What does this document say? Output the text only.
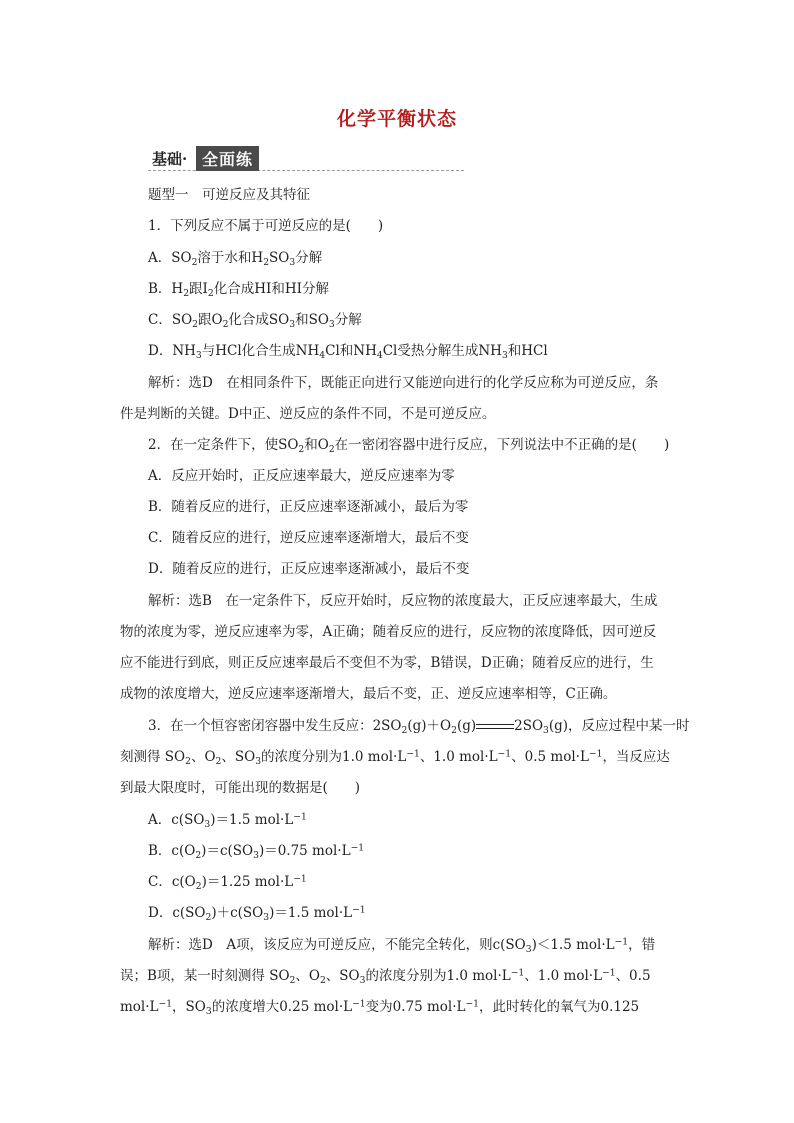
化学平衡状态
基础· 全面练
题型一　可逆反应及其特征
1．下列反应不属于可逆反应的是(　　)
A．$SO_2$溶于水和$H_2SO_3$分解
B．$H_2$跟$I_2$化合成HI和HI分解
C．$SO_2$跟$O_2$化合成$SO_3$和$SO_3$分解
D．$NH_3$与HCl化合生成$NH_4Cl$和$NH_4Cl$受热分解生成$NH_3$和HCl
解析：选D　在相同条件下，既能正向进行又能逆向进行的化学反应称为可逆反应，条
件是判断的关键。D中正、逆反应的条件不同，不是可逆反应。
2．在一定条件下，使$SO_2$和$O_2$在一密闭容器中进行反应，下列说法中不正确的是(　　)
A．反应开始时，正反应速率最大，逆反应速率为零
B．随着反应的进行，正反应速率逐渐减小，最后为零
C．随着反应的进行，逆反应速率逐渐增大，最后不变
D．随着反应的进行，正反应速率逐渐减小，最后不变
解析：选B　在一定条件下，反应开始时，反应物的浓度最大，正反应速率最大，生成
物的浓度为零，逆反应速率为零，A正确；随着反应的进行，反应物的浓度降低，因可逆反
应不能进行到底，则正反应速率最后不变但不为零，B错误，D正确；随着反应的进行，生
成物的浓度增大，逆反应速率逐渐增大，最后不变，正、逆反应速率相等，C正确。
3．在一个恒容密闭容器中发生反应：$2SO_2(g)+O_2(g)$	$2SO_3(g)$，反应过程中某一时
刻测得 $SO_2$、$O_2$、$SO_3$的浓度分别为1.0 $mol\cdot L^{-1}$、1.0 $mol\cdot L^{-1}$、0.5 $mol\cdot L^{-1}$，当反应达
到最大限度时，可能出现的数据是(　　)
A．$c(SO_3)=1.5$ $mol\cdot L^{-1}$
B．$c(O_2)=c(SO_3)=0.75$ $mol\cdot L^{-1}$
C．$c(O_2)=1.25$ $mol\cdot L^{-1}$
D．$c(SO_2)+c(SO_3)=1.5$ $mol\cdot L^{-1}$
解析：选D　A项，该反应为可逆反应，不能完全转化，则$c(SO_3)<1.5$ $mol\cdot L^{-1}$，错
误；B项，某一时刻测得 $SO_2$、$O_2$、$SO_3$的浓度分别为1.0 $mol\cdot L^{-1}$、1.0 $mol\cdot L^{-1}$、0.5
$mol\cdot L^{-1}$，$SO_3$的浓度增大0.25 $mol\cdot L^{-1}$变为0.75 $mol\cdot L^{-1}$，此时转化的氧气为0.125
